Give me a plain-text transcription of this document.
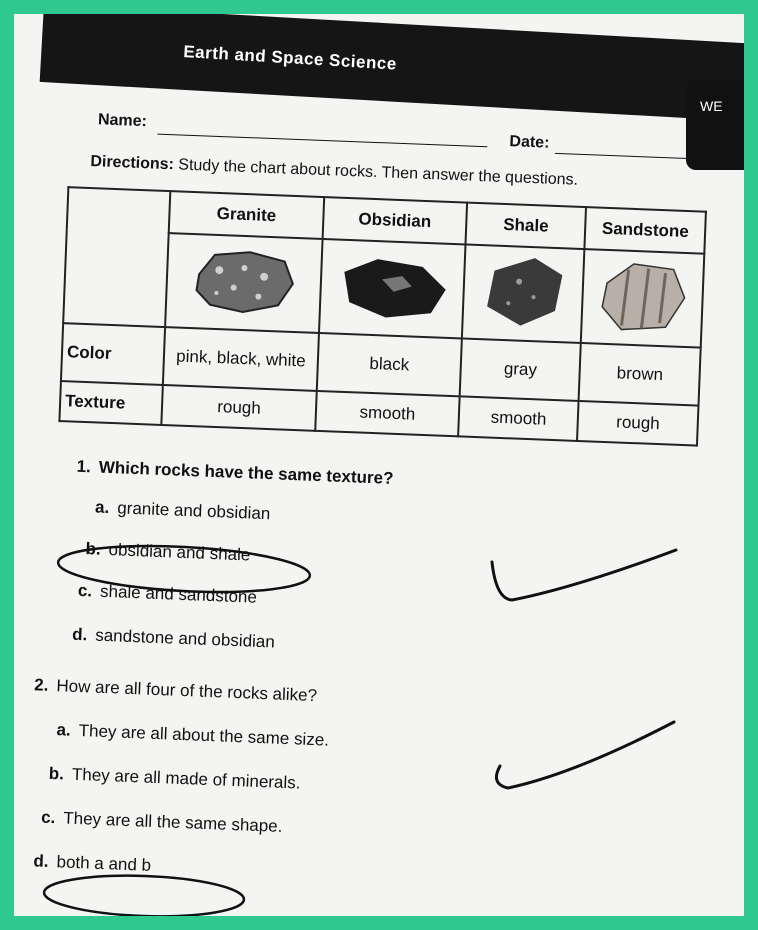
Earth and Space Science
WE
Name:
Date:
Directions: Study the chart about rocks. Then answer the questions.
	Granite	Obsidian	Shale	Sandstone

Color	pink, black, white	black	gray	brown
Texture	rough	smooth	smooth	rough
1. Which rocks have the same texture?
a. granite and obsidian
b. obsidian and shale
c. shale and sandstone
d. sandstone and obsidian
2. How are all four of the rocks alike?
a. They are all about the same size.
b. They are all made of minerals.
c. They are all the same shape.
d. both a and b
